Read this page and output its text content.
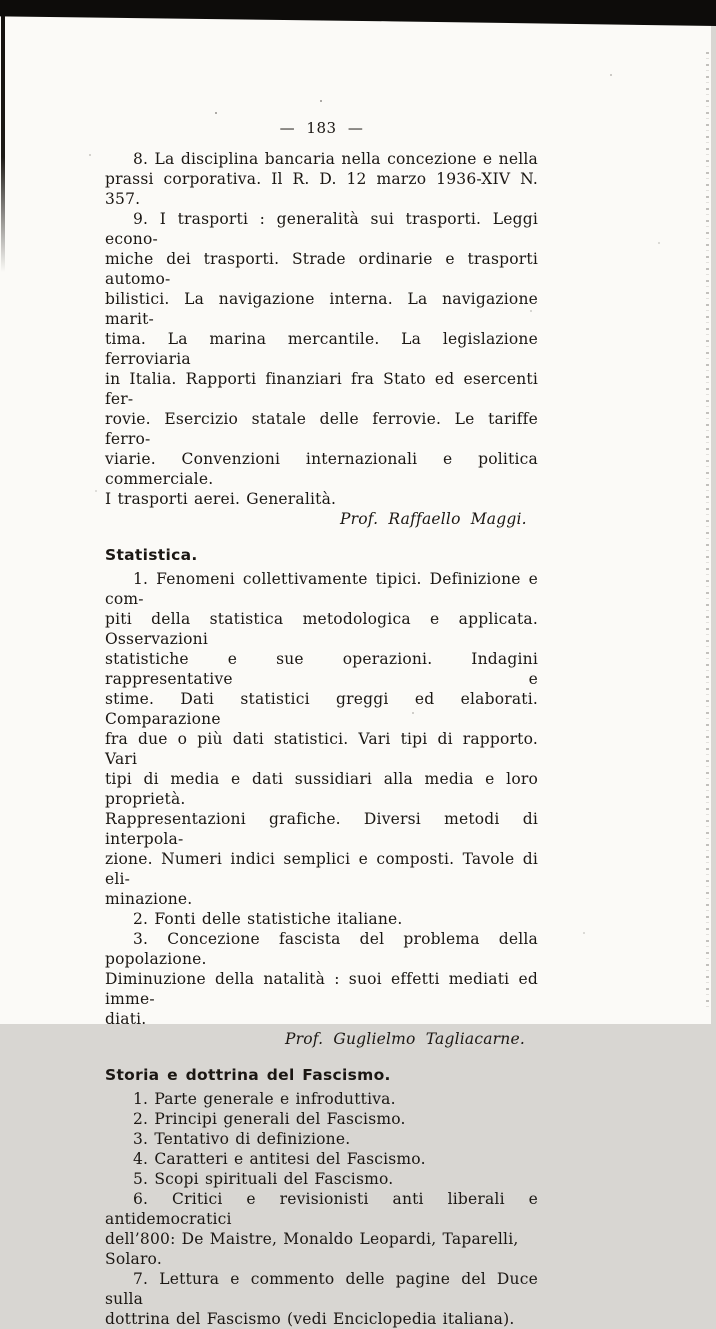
— 183 —
8. La disciplina bancaria nella concezione e nella
prassi corporativa. Il R. D. 12 marzo 1936-XIV N. 357.
9. I trasporti : generalità sui trasporti. Leggi econo-
miche dei trasporti. Strade ordinarie e trasporti automo-
bilistici. La navigazione interna. La navigazione marit-
tima. La marina mercantile. La legislazione ferroviaria
in Italia. Rapporti finanziari fra Stato ed esercenti fer-
rovie. Esercizio statale delle ferrovie. Le tariffe ferro-
viarie. Convenzioni internazionali e politica commerciale.
I trasporti aerei. Generalità.
Prof. Raffaello Maggi.
Statistica.
1. Fenomeni collettivamente tipici. Definizione e com-
piti della statistica metodologica e applicata. Osservazioni
statistiche e sue operazioni. Indagini rappresentative e
stime. Dati statistici greggi ed elaborati. Comparazione
fra due o più dati statistici. Vari tipi di rapporto. Vari
tipi di media e dati sussidiari alla media e loro proprietà.
Rappresentazioni grafiche. Diversi metodi di interpola-
zione. Numeri indici semplici e composti. Tavole di eli-
minazione.
2. Fonti delle statistiche italiane.
3. Concezione fascista del problema della popolazione.
Diminuzione della natalità : suoi effetti mediati ed imme-
diati.
Prof. Guglielmo Tagliacarne.
Storia e dottrina del Fascismo.
1. Parte generale e infroduttiva.
2. Principi generali del Fascismo.
3. Tentativo di definizione.
4. Caratteri e antitesi del Fascismo.
5. Scopi spirituali del Fascismo.
6. Critici e revisionisti anti liberali e antidemocratici
dell’800: De Maistre, Monaldo Leopardi, Taparelli, Solaro.
7. Lettura e commento delle pagine del Duce sulla
dottrina del Fascismo (vedi Enciclopedia italiana).
